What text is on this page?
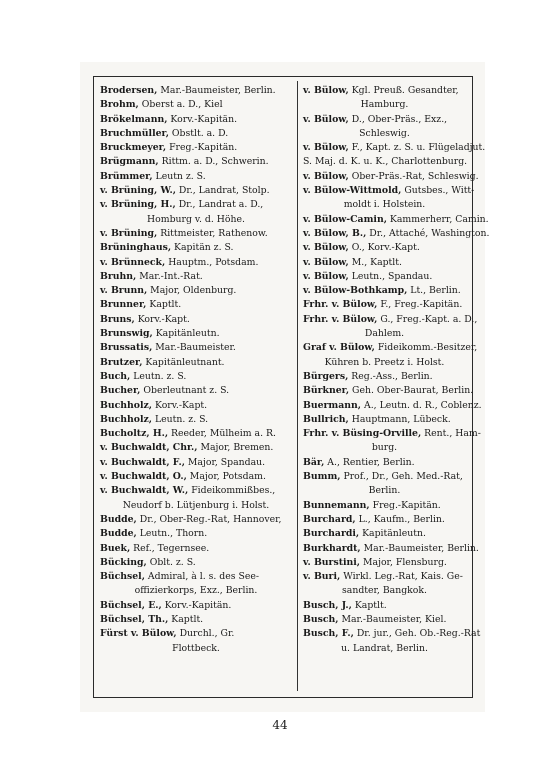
Brodersen, Mar.-Baumeister, Berlin.
Brohm, Oberst a. D., Kiel
Brökelmann, Korv.-Kapitän.
Bruchmüller, Obstlt. a. D.
Bruckmeyer, Freg.-Kapitän.
Brügmann, Rittm. a. D., Schwerin.
Brümmer, Leutn z. S.
v. Brüning, W., Dr., Landrat, Stolp.
v. Brüning, H., Dr., Landrat a. D.,
Homburg v. d. Höhe.
v. Brüning, Rittmeister, Rathenow.
Brüninghaus, Kapitän z. S.
v. Brünneck, Hauptm., Potsdam.
Bruhn, Mar.-Int.-Rat.
v. Brunn, Major, Oldenburg.
Brunner, Kaptlt.
Bruns, Korv.-Kapt.
Brunswig, Kapitänleutn.
Brussatis, Mar.-Baumeister.
Brutzer, Kapitänleutnant.
Buch, Leutn. z. S.
Bucher, Oberleutnant z. S.
Buchholz, Korv.-Kapt.
Buchholz, Leutn. z. S.
Bucholtz, H., Reeder, Mülheim a. R.
v. Buchwaldt, Chr., Major, Bremen.
v. Buchwaldt, F., Major, Spandau.
v. Buchwaldt, O., Major, Potsdam.
v. Buchwaldt, W., Fideikommißbes.,
Neudorf b. Lütjenburg i. Holst.
Budde, Dr., Ober-Reg.-Rat, Hannover,
Budde, Leutn., Thorn.
Buek, Ref., Tegernsee.
Bücking, Oblt. z. S.
Büchsel, Admiral, à l. s. des See-
offizierkorps, Exz., Berlin.
Büchsel, E., Korv.-Kapitän.
Büchsel, Th., Kaptlt.
Fürst v. Bülow, Durchl., Gr.
Flottbeck.
v. Bülow, Kgl. Preuß. Gesandter,
Hamburg.
v. Bülow, D., Ober-Präs., Exz.,
Schleswig.
v. Bülow, F., Kapt. z. S. u. Flügeladjut.
S. Maj. d. K. u. K., Charlottenburg.
v. Bülow, Ober-Präs.-Rat, Schleswig.
v. Bülow-Wittmold, Gutsbes., Witt-
moldt i. Holstein.
v. Bülow-Camin, Kammerherr, Camin.
v. Bülow, B., Dr., Attaché, Washington.
v. Bülow, O., Korv.-Kapt.
v. Bülow, M., Kaptlt.
v. Bülow, Leutn., Spandau.
v. Bülow-Bothkamp, Lt., Berlin.
Frhr. v. Bülow, F., Freg.-Kapitän.
Frhr. v. Bülow, G., Freg.-Kapt. a. D.,
Dahlem.
Graf v. Bülow, Fideikomm.-Besitzer,
Kühren b. Preetz i. Holst.
Bürgers, Reg.-Ass., Berlin.
Bürkner, Geh. Ober-Baurat, Berlin.
Buermann, A., Leutn. d. R., Coblenz.
Bullrich, Hauptmann, Lübeck.
Frhr. v. Büsing-Orville, Rent., Ham-
burg.
Bär, A., Rentier, Berlin.
Bumm, Prof., Dr., Geh. Med.-Rat,
Berlin.
Bunnemann, Freg.-Kapitän.
Burchard, L., Kaufm., Berlin.
Burchardi, Kapitänleutn.
Burkhardt, Mar.-Baumeister, Berlin.
v. Burstini, Major, Flensburg.
v. Buri, Wirkl. Leg.-Rat, Kais. Ge-
sandter, Bangkok.
Busch, J., Kaptlt.
Busch, Mar.-Baumeister, Kiel.
Busch, F., Dr. jur., Geh. Ob.-Reg.-Rat
u. Landrat, Berlin.
44
